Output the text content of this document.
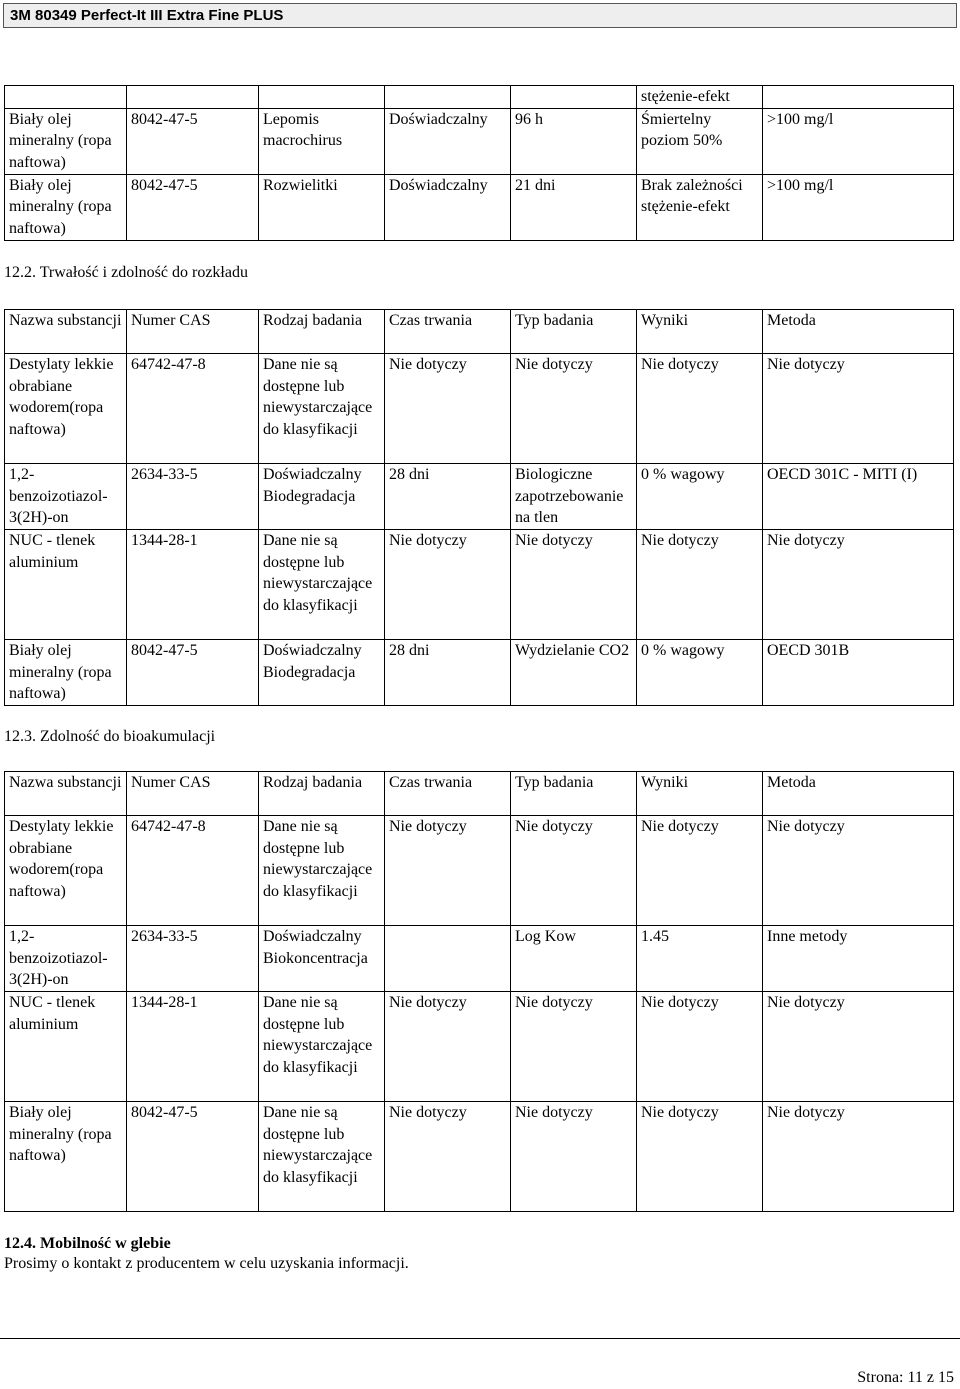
3M 80349 Perfect-It III Extra Fine PLUS
					stężenie-efekt	
Biały olej mineralny (ropa naftowa)	8042-47-5	Lepomis macrochirus	Doświadczalny	96 h	Śmiertelny poziom 50%	>100 mg/l
Biały olej mineralny (ropa naftowa)	8042-47-5	Rozwielitki	Doświadczalny	21 dni	Brak zależności stężenie-efekt	>100 mg/l
12.2. Trwałość i zdolność do rozkładu
Nazwa substancji	Numer CAS	Rodzaj badania	Czas trwania	Typ badania	Wyniki	Metoda
Destylaty lekkie obrabiane wodorem(ropa naftowa)	64742-47-8	Dane nie są dostępne lub niewystarczające do klasyfikacji	Nie dotyczy	Nie dotyczy	Nie dotyczy	Nie dotyczy
1,2-benzoizotiazol-3(2H)-on	2634-33-5	Doświadczalny Biodegradacja	28 dni	Biologiczne zapotrzebowanie na tlen	0 % wagowy	OECD 301C - MITI (I)
NUC - tlenek aluminium	1344-28-1	Dane nie są dostępne lub niewystarczające do klasyfikacji	Nie dotyczy	Nie dotyczy	Nie dotyczy	Nie dotyczy
Biały olej mineralny (ropa naftowa)	8042-47-5	Doświadczalny Biodegradacja	28 dni	Wydzielanie CO2	0 % wagowy	OECD 301B
12.3. Zdolność do bioakumulacji
Nazwa substancji	Numer CAS	Rodzaj badania	Czas trwania	Typ badania	Wyniki	Metoda
Destylaty lekkie obrabiane wodorem(ropa naftowa)	64742-47-8	Dane nie są dostępne lub niewystarczające do klasyfikacji	Nie dotyczy	Nie dotyczy	Nie dotyczy	Nie dotyczy
1,2-benzoizotiazol-3(2H)-on	2634-33-5	Doświadczalny Biokoncentracja		Log Kow	1.45	Inne metody
NUC - tlenek aluminium	1344-28-1	Dane nie są dostępne lub niewystarczające do klasyfikacji	Nie dotyczy	Nie dotyczy	Nie dotyczy	Nie dotyczy
Biały olej mineralny (ropa naftowa)	8042-47-5	Dane nie są dostępne lub niewystarczające do klasyfikacji	Nie dotyczy	Nie dotyczy	Nie dotyczy	Nie dotyczy
12.4. Mobilność w glebie
Prosimy o kontakt z producentem w celu uzyskania informacji.
Strona: 11 z 15
